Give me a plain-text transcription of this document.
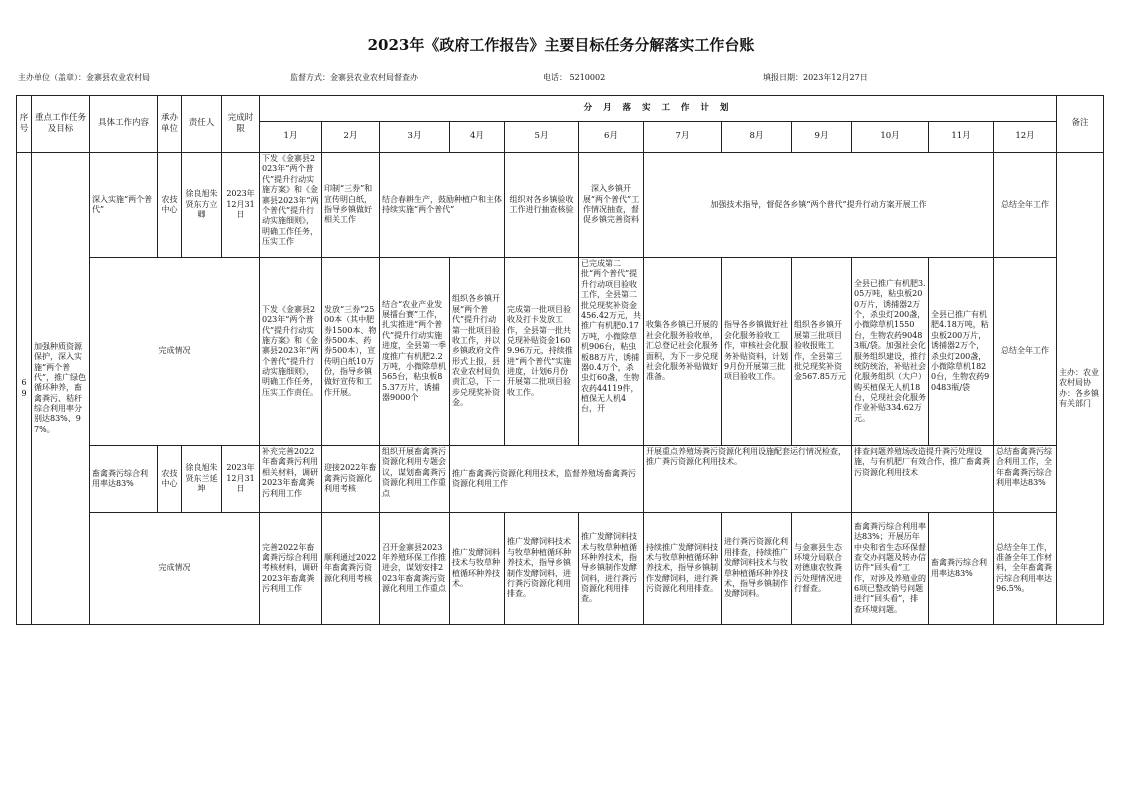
2023年《政府工作报告》主要目标任务分解落实工作台账
主办单位（盖章）：金寨县农业农村局	监督方式：金寨县农业农村局督查办	电话： 5210002	填报日期：2023年12月27日
序号	重点工作任务及目标	具体工作内容	承办单位	责任人	完成时限	分 月 落 实 工 作 计 划												备注
						1月	2月	3月	4月	5月	6月	7月	8月	9月	10月	11月	12月	
69	加强种质资源保护，深入实施“两个普代”，推广绿色循环种养，畜禽粪污、秸秆综合利用率分别达83%、97%。	深入实施“两个普代”	农技中心	徐良旭朱贤东方立卿	2023年12月31日	下发《金寨县2023年“两个普代”提升行动实施方案》和《金寨县2023年“两个普代”提升行动实施细则》，明确工作任务，压实工作	印制“三券”和宣传明白纸，指导乡镇做好相关工作	结合春耕生产，鼓励种植户和主体持续实施“两个普代”		组织对各乡镇验收工作进行抽查核验	深入乡镇开展“两个普代”工作情况抽查，督促乡镇完善资料	加强技术指导，督促各乡镇“两个普代”提升行动方案开展工作					总结全年工作	主办：农业农村局协办：各乡镇有关部门
		完成情况				下发《金寨县2023年“两个普代”提升行动实施方案》和《金寨县2023年“两个普代”提升行动实施细则》，明确工作任务，压实工作责任。	发放“三券”2500本（其中肥券1500本、物券500本、药券500本），宣传明白纸10万份，指导乡镇做好宣传和工作开展。	结合“农业产业发展擂台赛”工作，扎实推进“两个普代”提升行动实施进度，全县第一季度推广有机肥2.2万吨，小微除草机565台，粘虫板85.37万片，诱捕器9000个	组织各乡镇开展“两个普代”提升行动第一批项目验收工作，并以乡镇政府文件形式上报，县农业农村局负责汇总，下一步兑现奖补资金。	完成第一批项目验收及打卡发放工作，全县第一批共兑现补贴资金1609.96万元，持续推进“两个普代”实施进度，计划6月份开展第二批项目验收工作。	已完成第二批“两个普代”提升行动项目验收工作，全县第二批兑现奖补资金456.42万元，共推广有机肥0.17万吨，小微除草机906台，粘虫板88万片，诱捕器0.4万个，杀虫灯60盏，生物农药44119件，植保无人机4台，开	收集各乡镇已开展的社会化服务验收单，汇总登记社会化服务面积，为下一步兑现社会化服务补贴做好准备。	指导各乡镇做好社会化服务验收工作，审核社会化服务补贴资料，计划9月份开展第三批项目验收工作。	组织各乡镇开展第三批项目验收报账工作，全县第三批兑现奖补资金567.85万元	全县已推广有机肥3.05万吨，粘虫板200万片，诱捕器2万个，杀虫灯200盏，小微除草机1550台，生物农药90483瓶/袋。加强社会化服务组织建设，推行统防统治，补贴社会化服务组织（大户）购买植保无人机18台，兑现社会化服务作业补贴334.62万元。	全县已推广有机肥4.18万吨，粘虫板200万片，诱捕器2万个，杀虫灯200盏，小微除草机1820台，生物农药90483瓶/袋	总结全年工作	
		畜禽粪污综合利用率达83%	农技中心	徐良旭朱贤东兰延坤	2023年12月31日	补充完善2022年畜禽粪污利用相关材料，调研2023年畜禽粪污利用工作	迎接2022年畜禽粪污资源化利用考核	组织开展畜禽粪污资源化利用专题会议，谋划畜禽粪污资源化利用工作重点	推广畜禽粪污资源化利用技术，监督养殖场畜禽粪污资源化利用工作			开展重点养殖场粪污资源化利用设施配套运行情况检查，推广粪污资源化利用技术。			排查问题养殖场改造提升粪污处理设施，与有机肥厂有效合作，推广畜禽粪污资源化利用技术		总结畜禽粪污综合利用工作，全年畜禽粪污综合利用率达83%	
		完成情况				完善2022年畜禽粪污综合利用考核材料，调研2023年畜禽粪污利用工作	顺利通过2022年畜禽粪污资源化利用考核	召开金寨县2023年养殖环保工作推进会，谋划安排2023年畜禽粪污资源化利用工作重点	推广发酵饲料技术与牧草种植循环种养技术。	推广发酵饲料技术与牧草种植循环种养技术，指导乡镇制作发酵饲料，进行粪污资源化利用排查。	推广发酵饲料技术与牧草种植循环种养技术，指导乡镇制作发酵饲料，进行粪污资源化利用排查。	持续推广发酵饲料技术与牧草种植循环种养技术，指导乡镇制作发酵饲料，进行粪污资源化利用排查。	进行粪污资源化利用排查，持续推广发酵饲料技术与牧草种植循环种养技术，指导乡镇制作发酵饲料。	与金寨县生态环境分局联合对德康农牧粪污处理情况进行督查。	畜禽粪污综合利用率达83%；开展历年中央和省生态环保督查交办问题及转办信访件“回头看”工作，对涉及养殖业的6项已整改销号问题进行“回头看”，排查环境问题。	畜禽粪污综合利用率达83%	总结全年工作，准备全年工作材料，全年畜禽粪污综合利用率达96.5%。	
